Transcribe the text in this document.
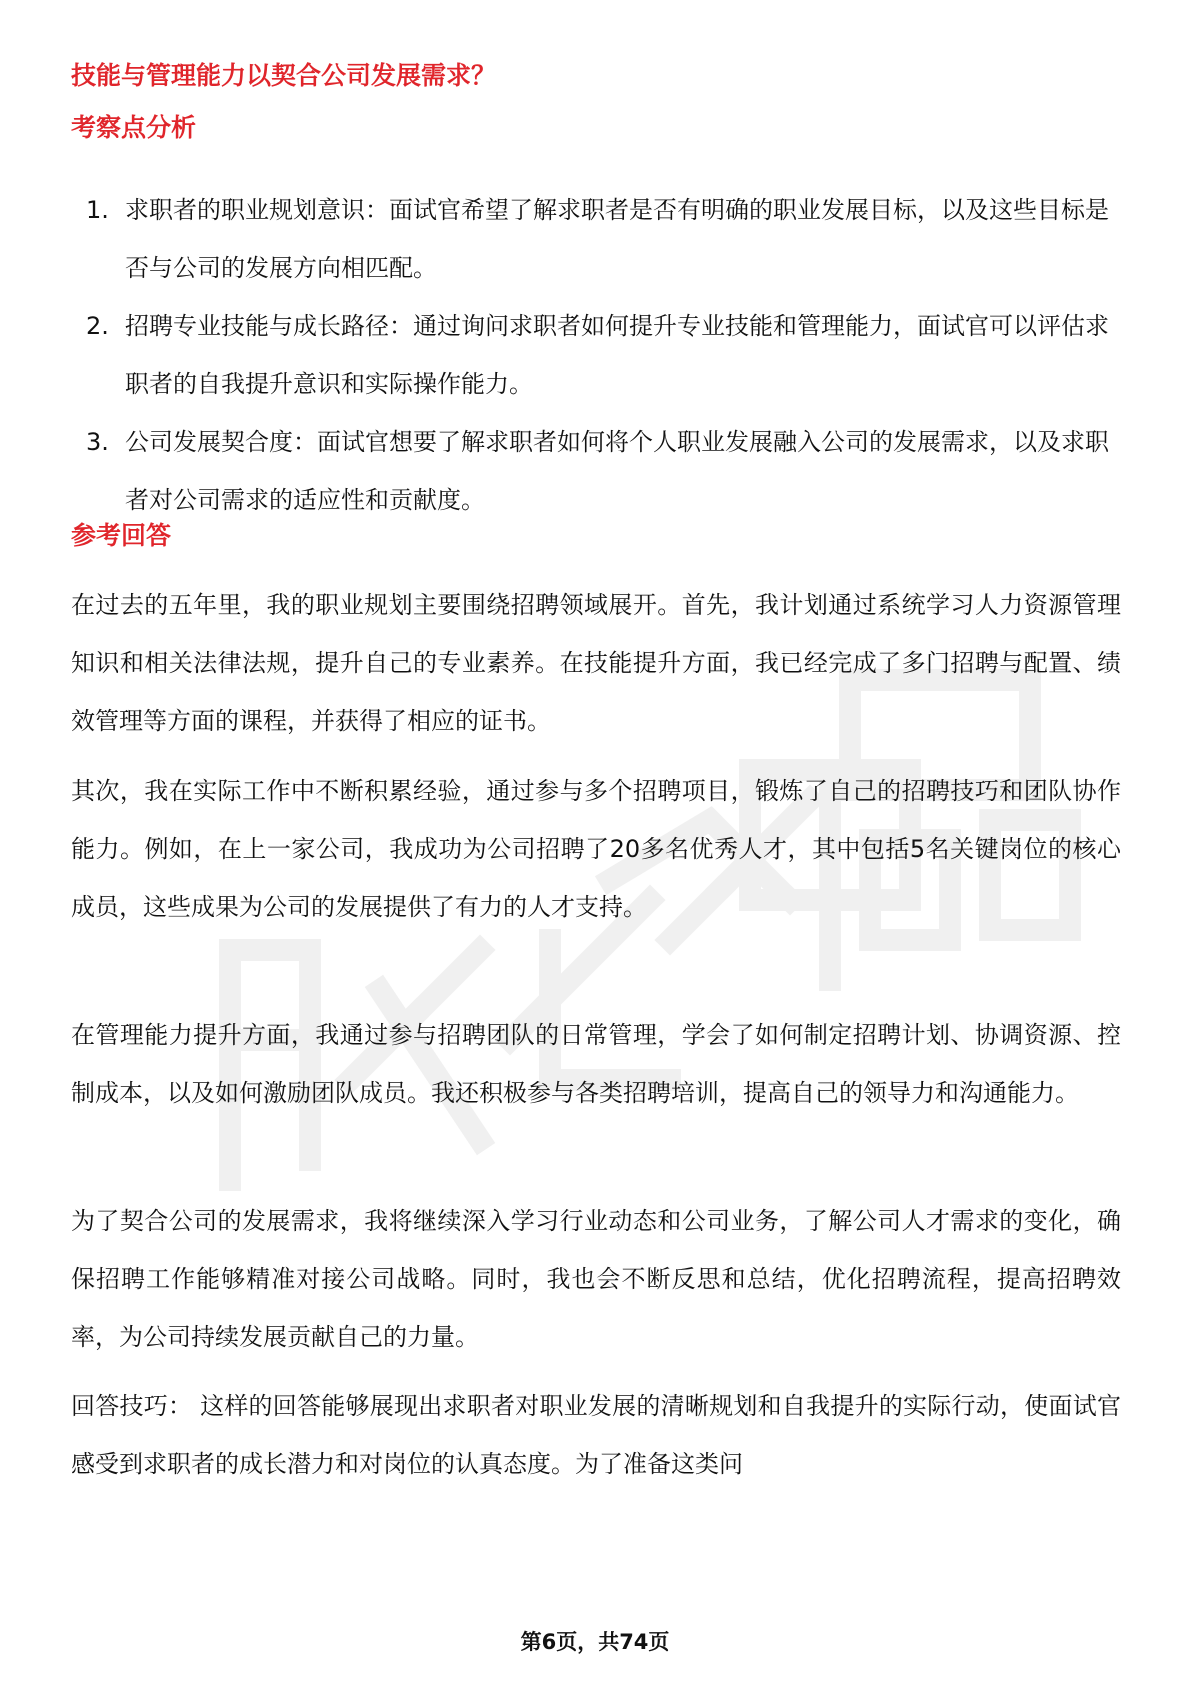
技能与管理能力以契合公司发展需求？

考察点分析
1. 求职者的职业规划意识：面试官希望了解求职者是否有明确的职业发展目标，以及这些目标是否与公司的发展方向相匹配。
2. 招聘专业技能与成长路径：通过询问求职者如何提升专业技能和管理能力，面试官可以评估求职者的自我提升意识和实际操作能力。
3. 公司发展契合度：面试官想要了解求职者如何将个人职业发展融入公司的发展需求，以及求职者对公司需求的适应性和贡献度。
参考回答

在过去的五年里，我的职业规划主要围绕招聘领域展开。首先，我计划通过系统学习人力资源管理知识和相关法律法规，提升自己的专业素养。在技能提升方面，我已经完成了多门招聘与配置、绩效管理等方面的课程，并获得了相应的证书。

其次，我在实际工作中不断积累经验，通过参与多个招聘项目，锻炼了自己的招聘技巧和团队协作能力。例如，在上一家公司，我成功为公司招聘了20多名优秀人才，其中包括5名关键岗位的核心成员，这些成果为公司的发展提供了有力的人才支持。

在管理能力提升方面，我通过参与招聘团队的日常管理，学会了如何制定招聘计划、协调资源、控制成本，以及如何激励团队成员。我还积极参与各类招聘培训，提高自己的领导力和沟通能力。

为了契合公司的发展需求，我将继续深入学习行业动态和公司业务，了解公司人才需求的变化，确保招聘工作能够精准对接公司战略。同时，我也会不断反思和总结，优化招聘流程，提高招聘效率，为公司持续发展贡献自己的力量。

回答技巧： 这样的回答能够展现出求职者对职业发展的清晰规划和自我提升的实际行动，使面试官感受到求职者的成长潜力和对岗位的认真态度。为了准备这类问

第6页，共74页
